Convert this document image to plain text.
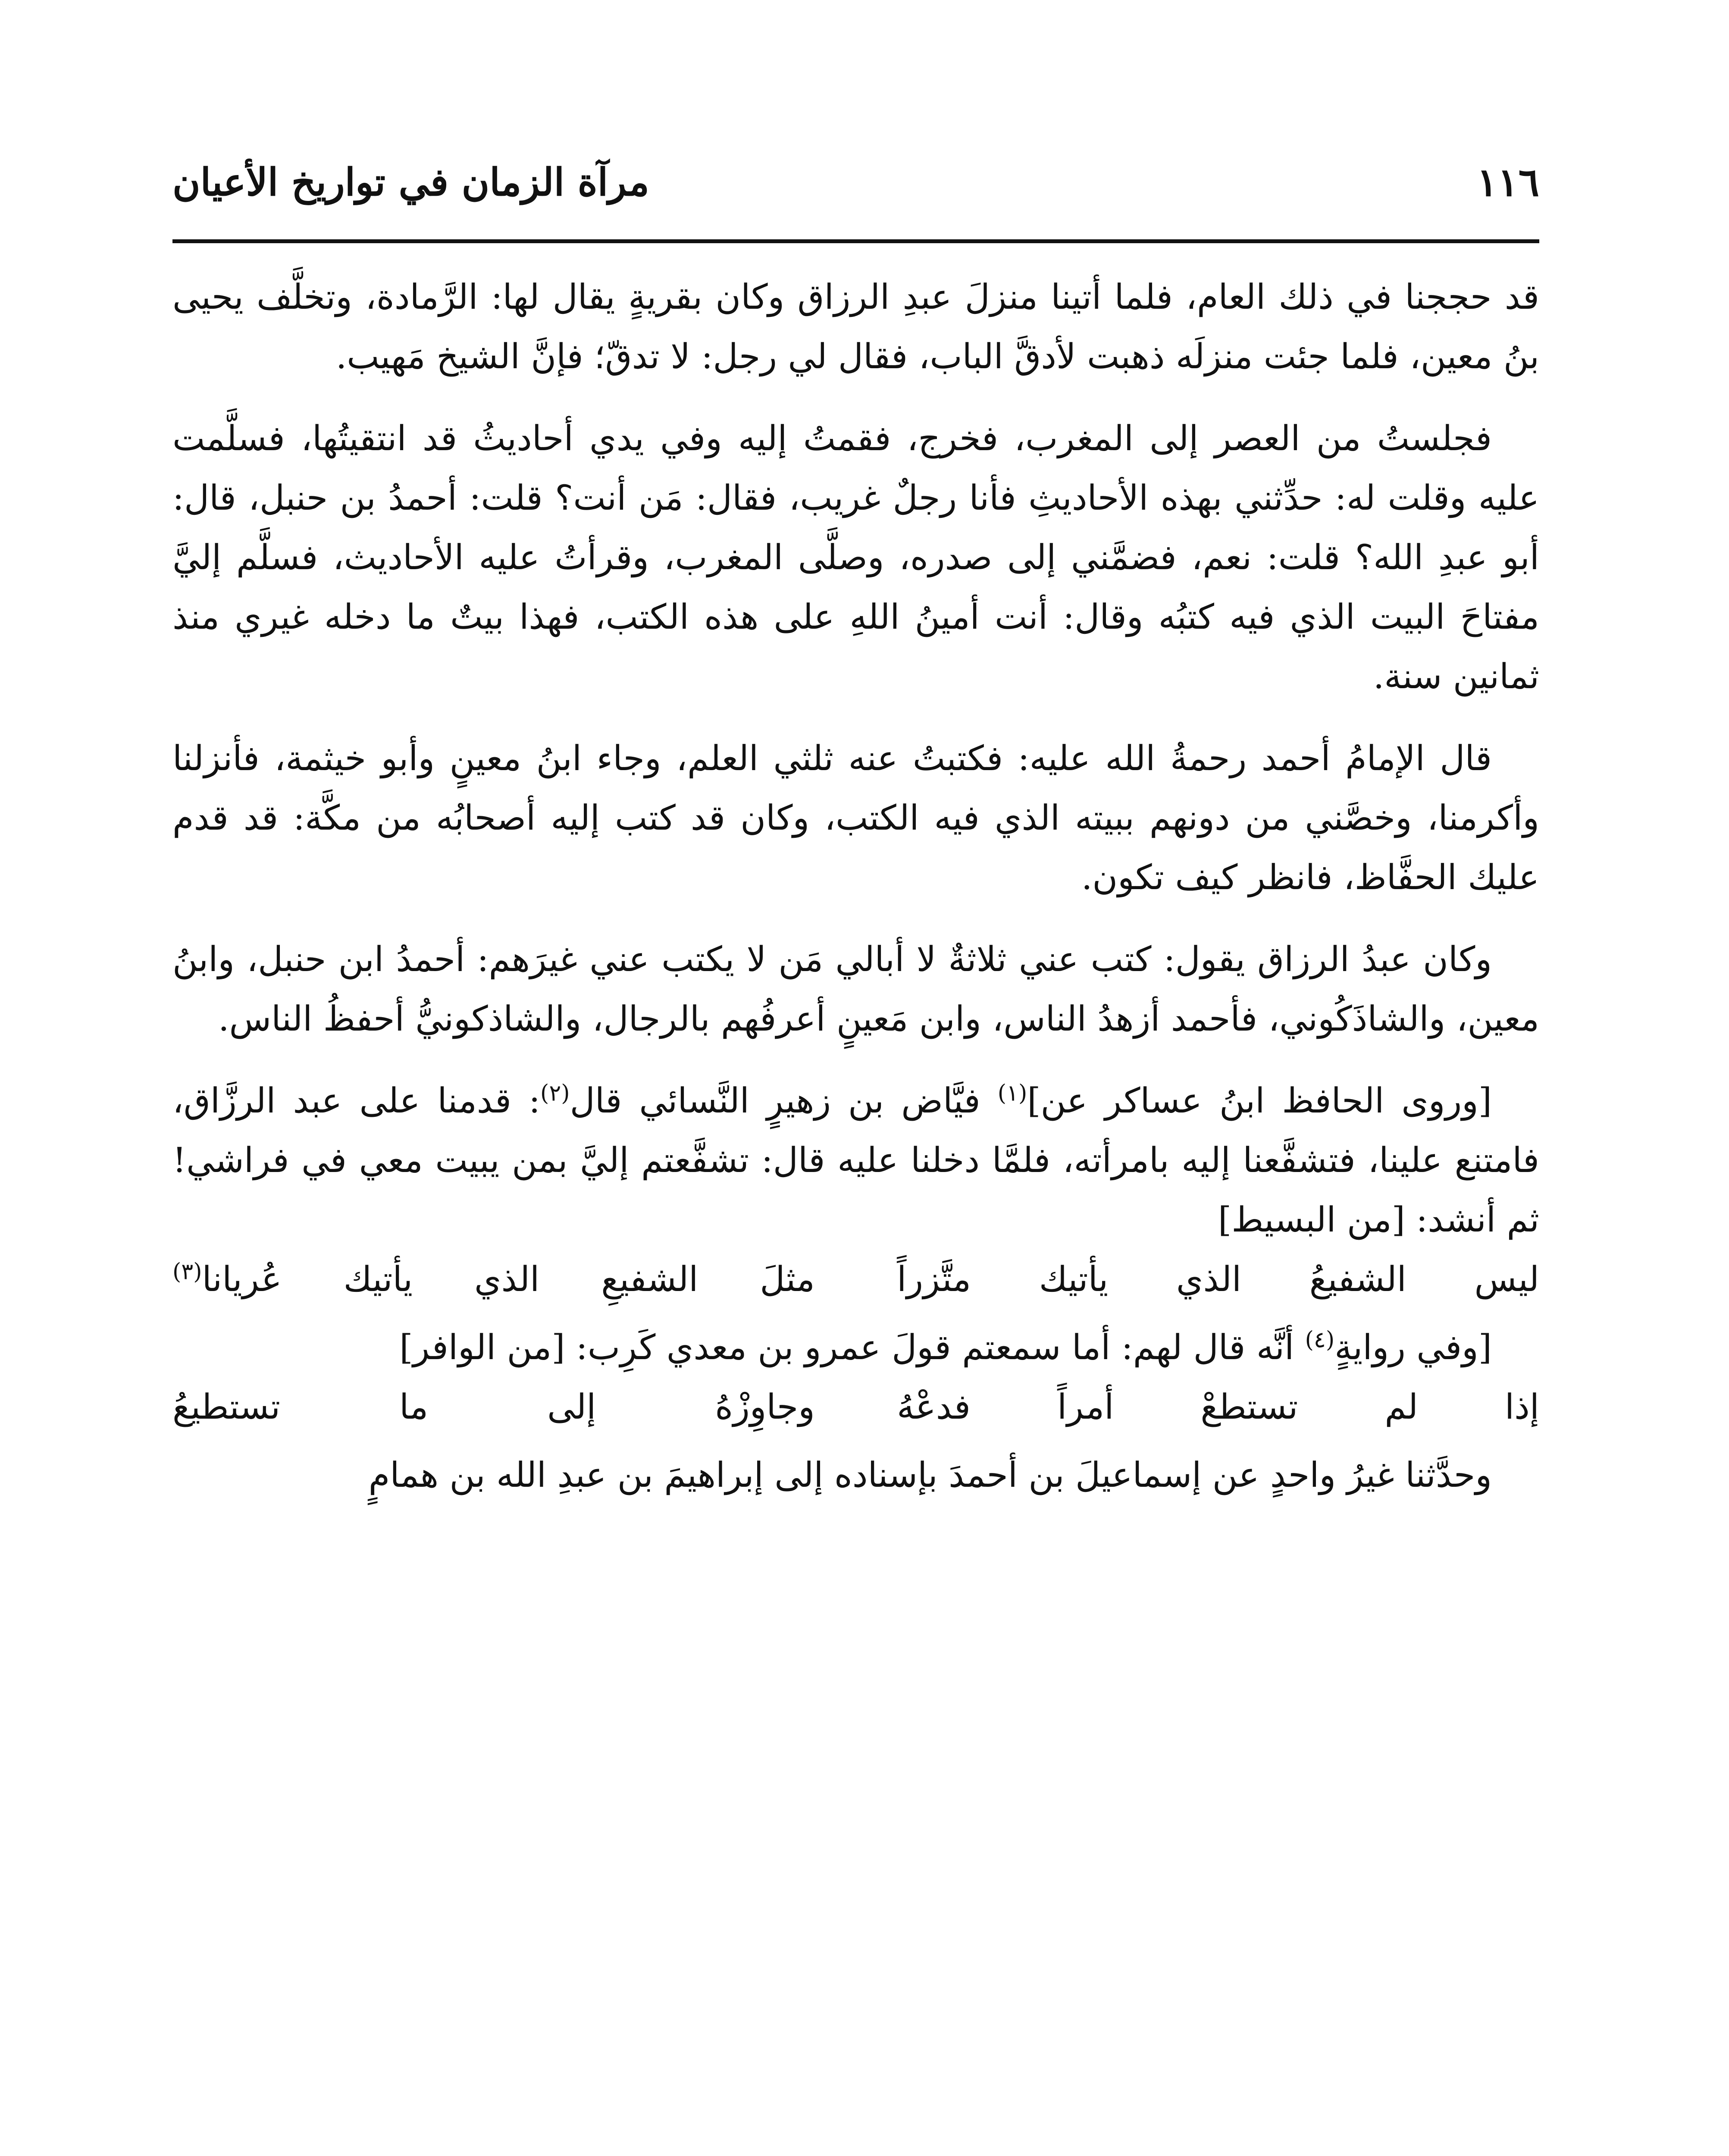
١١٦
مرآة الزمان في تواريخ الأعيان

قد حججنا في ذلك العام، فلما أتينا منزلَ عبدِ الرزاق وكان بقريةٍ يقال لها: الرَّمادة، وتخلَّف يحيى بنُ معين، فلما جئت منزلَه ذهبت لأدقَّ الباب، فقال لي رجل: لا تدقّ؛ فإنَّ الشيخ مَهيب.

فجلستُ من العصر إلى المغرب، فخرج، فقمتُ إليه وفي يدي أحاديثُ قد انتقيتُها، فسلَّمت عليه وقلت له: حدِّثني بهذه الأحاديثِ فأنا رجلٌ غريب، فقال: مَن أنت؟ قلت: أحمدُ بن حنبل، قال: أبو عبدِ الله؟ قلت: نعم، فضمَّني إلى صدره، وصلَّى المغرب، وقرأتُ عليه الأحاديث، فسلَّم إليَّ مفتاحَ البيت الذي فيه كتبُه وقال: أنت أمينُ اللهِ على هذه الكتب، فهذا بيتٌ ما دخله غيري منذ ثمانين سنة.

قال الإمامُ أحمد رحمةُ الله عليه: فكتبتُ عنه ثلثي العلم، وجاء ابنُ معينٍ وأبو خيثمة، فأنزلنا وأكرمنا، وخصَّني من دونهم ببيته الذي فيه الكتب، وكان قد كتب إليه أصحابُه من مكَّة: قد قدم عليك الحفَّاظ، فانظر كيف تكون.

وكان عبدُ الرزاق يقول: كتب عني ثلاثةٌ لا أبالي مَن لا يكتب عني غيرَهم: أحمدُ ابن حنبل، وابنُ معين، والشاذَكُوني، فأحمد أزهدُ الناس، وابن مَعينٍ أعرفُهم بالرجال، والشاذكونيُّ أحفظُ الناس.

[وروى الحافظ ابنُ عساكر عن]$^{(١)}$ فيَّاض بن زهيرٍ النَّسائي قال$^{(٢)}$: قدمنا على عبد الرزَّاق، فامتنع علينا، فتشفَّعنا إليه بامرأته، فلمَّا دخلنا عليه قال: تشفَّعتم إليَّ بمن يبيت معي في فراشي! ثم أنشد: [من البسيط]

ليس الشفيعُ الذي يأتيك متَّزراً
مثلَ الشفيعِ الذي يأتيك عُريانا$^{(٣)}$

[وفي روايةٍ$^{(٤)}$ أنَّه قال لهم: أما سمعتم قولَ عمرو بن معدي كَرِب: [من الوافر]

إذا لم تستطعْ أمراً فدعْهُ
وجاوِزْهُ إلى ما تستطيعُ

وحدَّثنا غيرُ واحدٍ عن إسماعيلَ بن أحمدَ بإسناده إلى إبراهيمَ بن عبدِ الله بن همامٍ
